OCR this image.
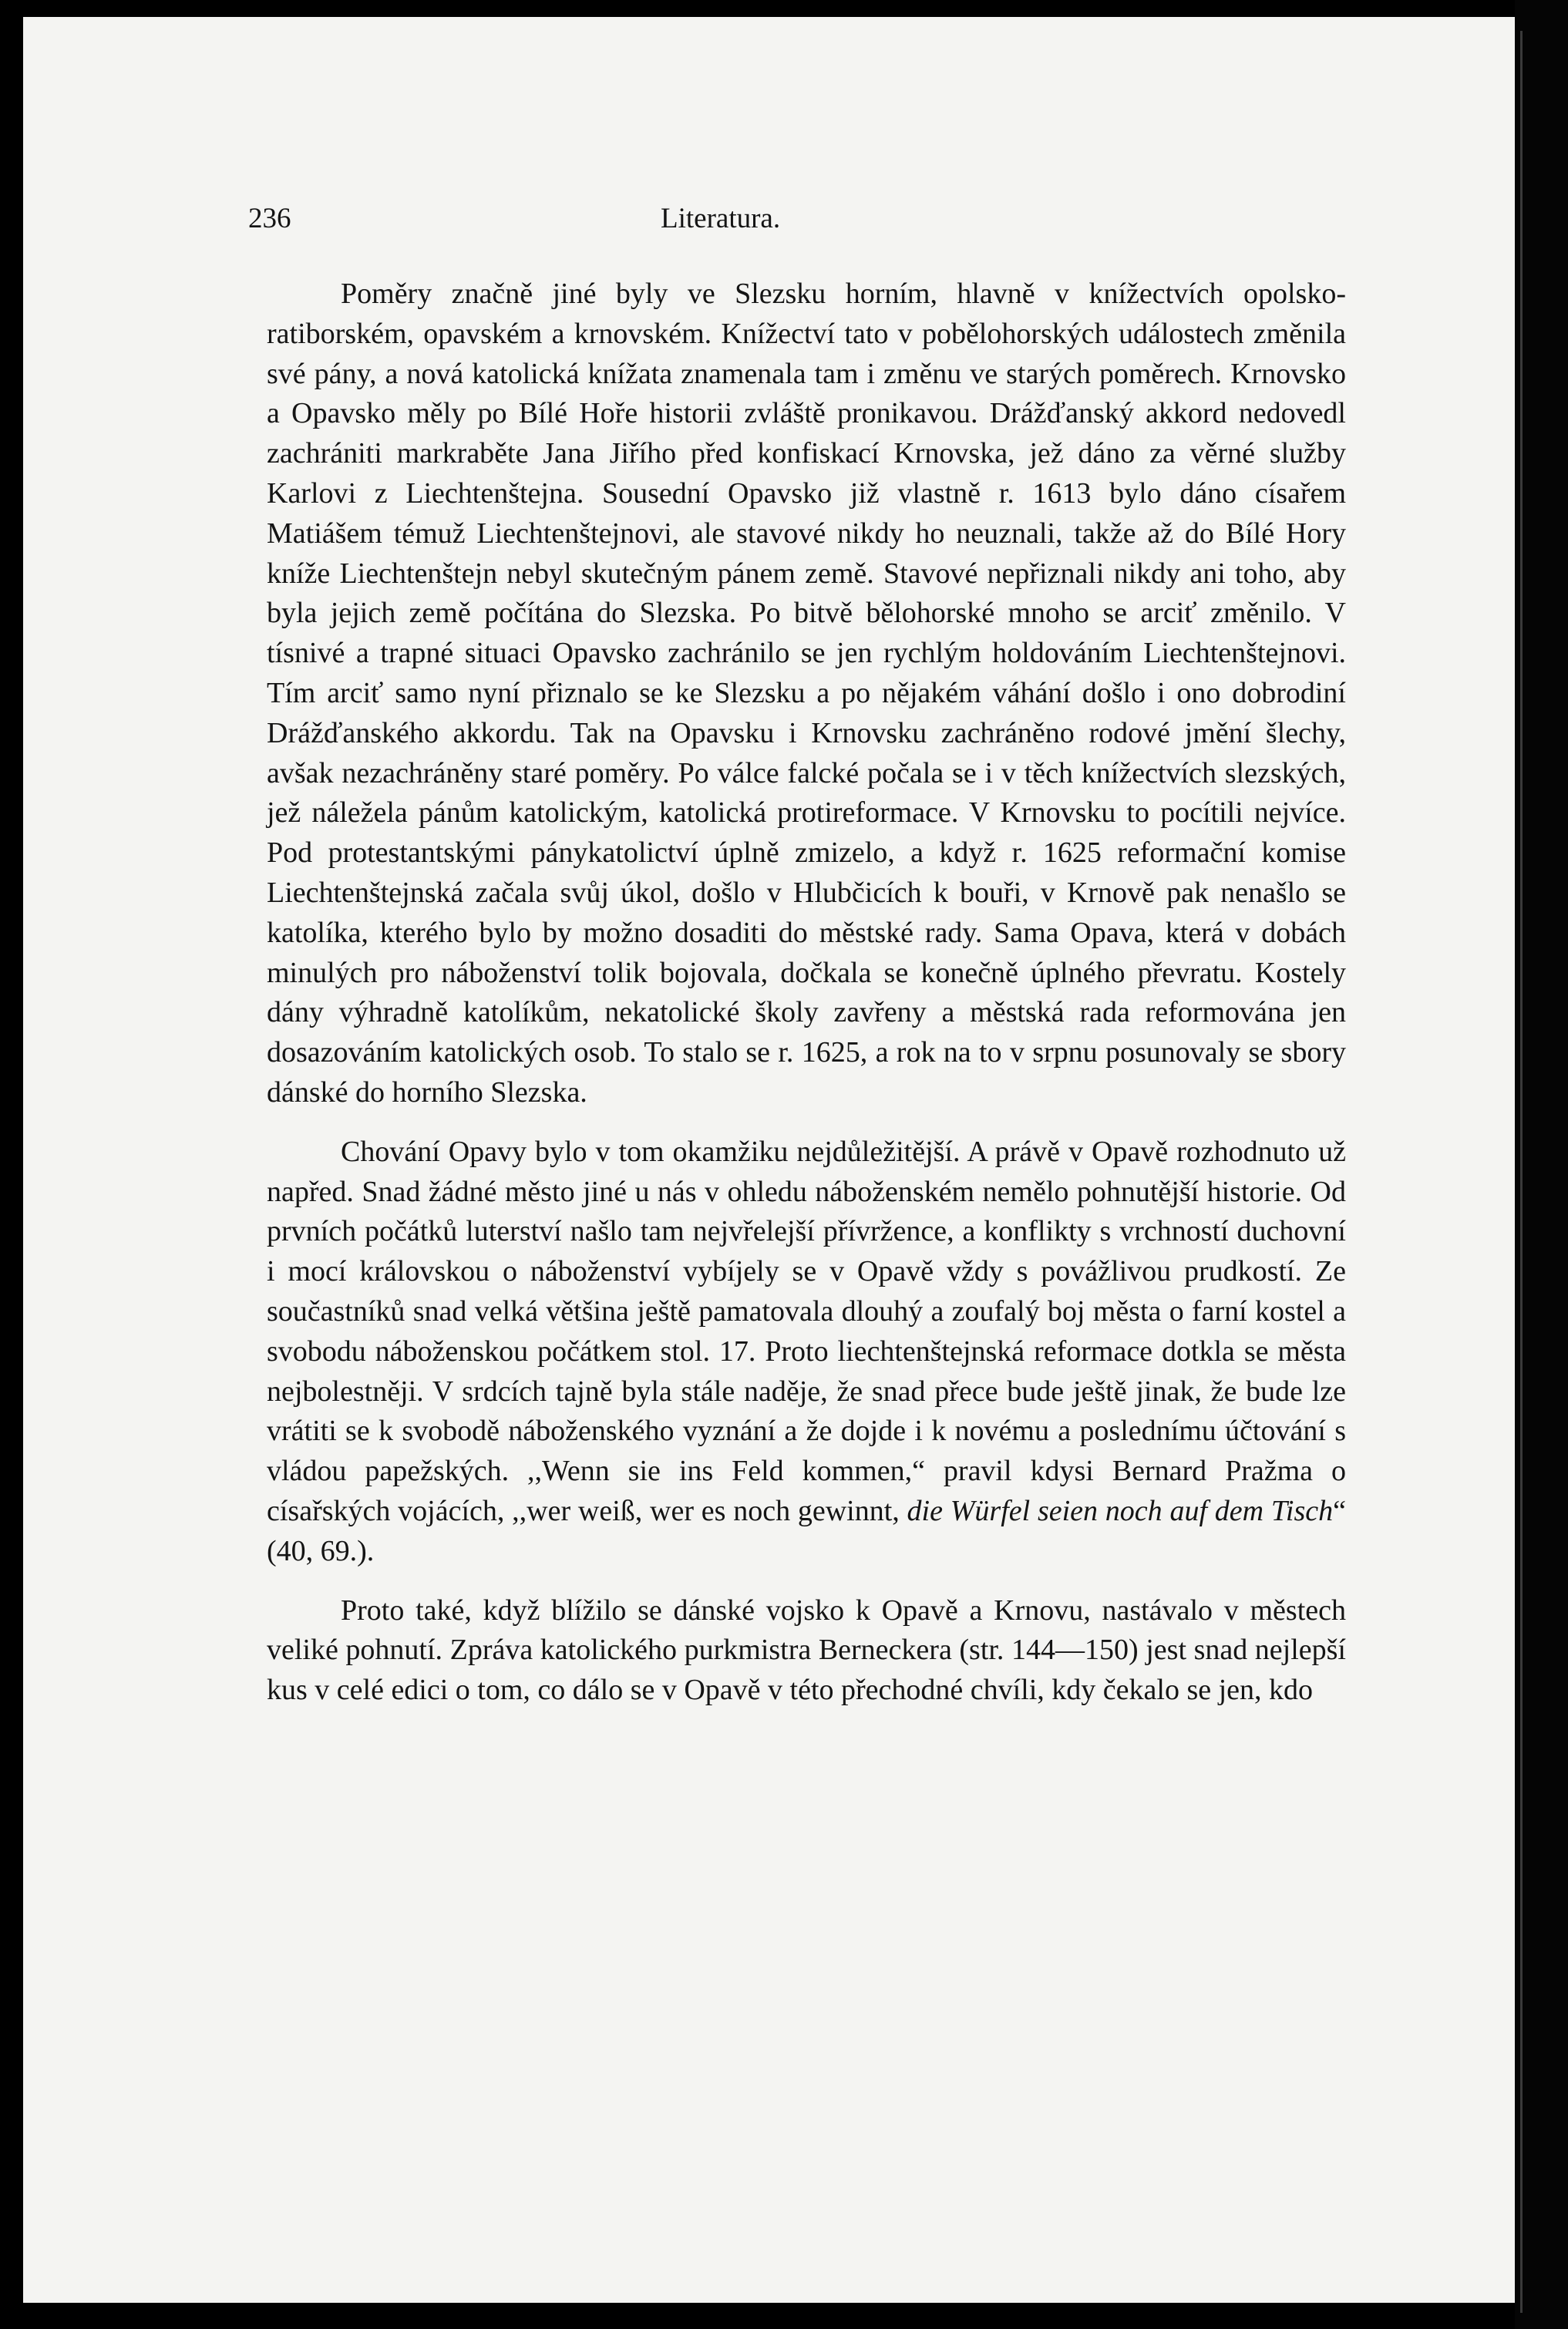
236	Literatura.

Poměry značně jiné byly ve Slezsku horním, hlavně v knížectvích opolsko-ratiborském, opavském a krnovském. Knížectví tato v pobělohorských událostech změnila své pány, a nová katolická knížata znamenala tam i změnu ve starých poměrech. Krnovsko a Opavsko měly po Bílé Hoře historii zvláště pronikavou. Drážďanský akkord nedovedl zachrániti markraběte Jana Jiřího před konfiskací Krnovska, jež dáno za věrné služby Karlovi z Liechtenštejna. Sousední Opavsko již vlastně r. 1613 bylo dáno císařem Matiášem témuž Liechtenštejnovi, ale stavové nikdy ho neuznali, takže až do Bílé Hory kníže Liechtenštejn nebyl skutečným pánem země. Stavové nepřiznali nikdy ani toho, aby byla jejich země počítána do Slezska. Po bitvě bělohorské mnoho se arciť změnilo. V tísnivé a trapné situaci Opavsko zachránilo se jen rychlým holdováním Liechtenštejnovi. Tím arciť samo nyní přiznalo se ke Slezsku a po nějakém váhání došlo i ono dobrodiní Drážďanského akkordu. Tak na Opavsku i Krnovsku zachráněno rodové jmění šlechy, avšak nezachráněny staré poměry. Po válce falcké počala se i v těch knížectvích slezských, jež náležela pánům katolickým, katolická protireformace. V Krnovsku to pocítili nejvíce. Pod protestantskými pánykatolictví úplně zmizelo, a když r. 1625 reformační komise Liechtenštejnská začala svůj úkol, došlo v Hlubčicích k bouři, v Krnově pak nenašlo se katolíka, kterého bylo by možno dosaditi do městské rady. Sama Opava, která v dobách minulých pro náboženství tolik bojovala, dočkala se konečně úplného převratu. Kostely dány výhradně katolíkům, nekatolické školy zavřeny a městská rada reformována jen dosazováním katolických osob. To stalo se r. 1625, a rok na to v srpnu posunovaly se sbory dánské do horního Slezska.

Chování Opavy bylo v tom okamžiku nejdůležitější. A právě v Opavě rozhodnuto už napřed. Snad žádné město jiné u nás v ohledu náboženském nemělo pohnutější historie. Od prvních počátků luterství našlo tam nejvřelejší přívržence, a konflikty s vrchností duchovní i mocí královskou o náboženství vybíjely se v Opavě vždy s povážlivou prudkostí. Ze součastníků snad velká většina ještě pamatovala dlouhý a zoufalý boj města o farní kostel a svobodu náboženskou počátkem stol. 17. Proto liechtenštejnská reformace dotkla se města nejbolestněji. V srdcích tajně byla stále naděje, že snad přece bude ještě jinak, že bude lze vrátiti se k svobodě náboženského vyznání a že dojde i k novému a poslednímu účtování s vládou papežských. ,,Wenn sie ins Feld kommen,“ pravil kdysi Bernard Pražma o císařských vojácích, ,,wer weiß, wer es noch gewinnt, die Würfel seien noch auf dem Tisch“ (40, 69.).

Proto také, když blížilo se dánské vojsko k Opavě a Krnovu, nastávalo v městech veliké pohnutí. Zpráva katolického purkmistra Berneckera (str. 144—150) jest snad nejlepší kus v celé edici o tom, co dálo se v Opavě v této přechodné chvíli, kdy čekalo se jen, kdo
